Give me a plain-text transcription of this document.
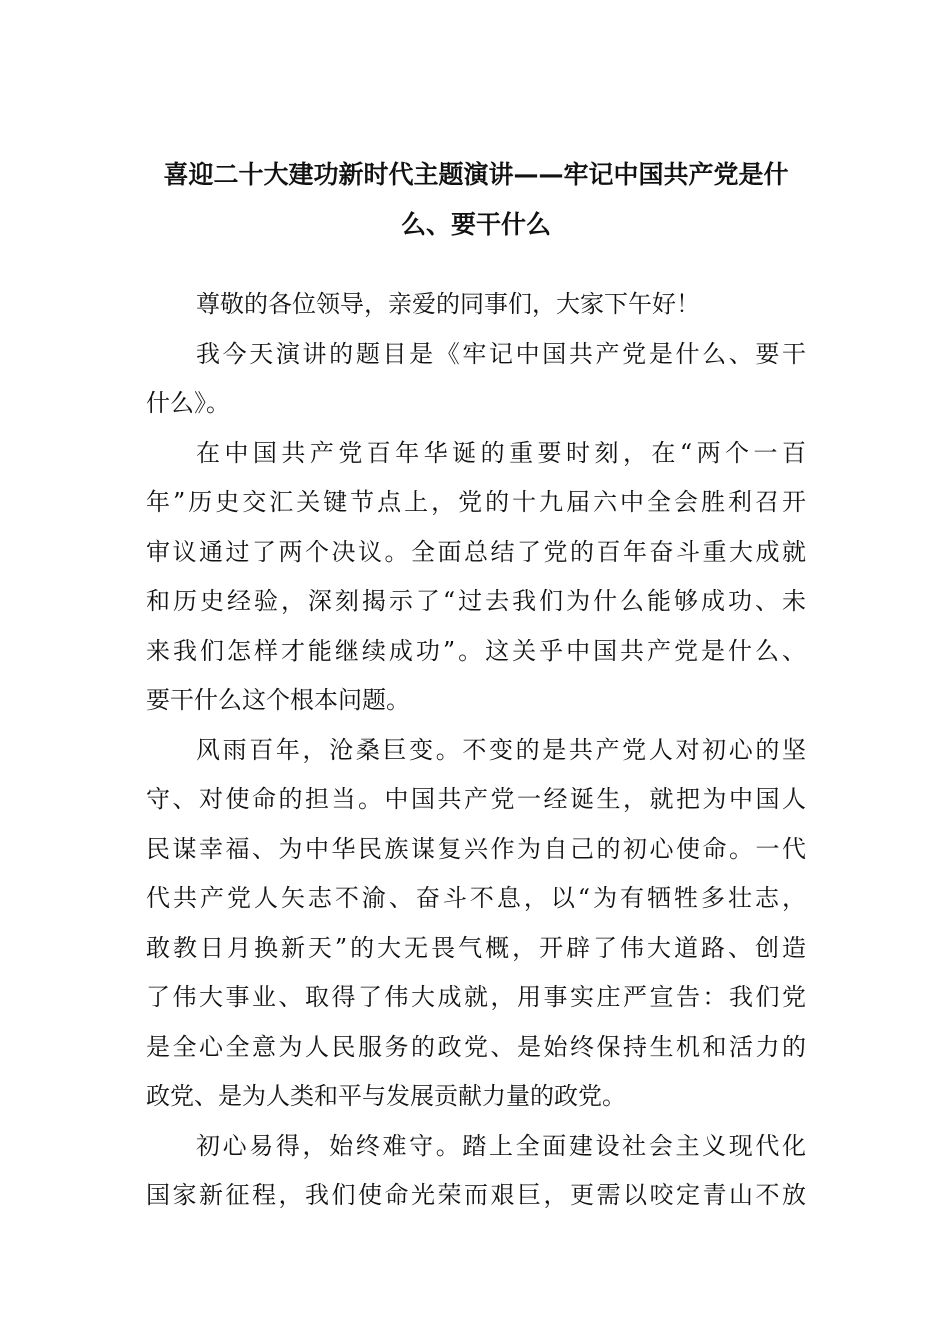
喜迎二十大建功新时代主题演讲——牢记中国共产党是什
么、要干什么

尊敬的各位领导，亲爱的同事们，大家下午好！

我今天演讲的题目是《牢记中国共产党是什么、要干
什么》。

在中国共产党百年华诞的重要时刻，在“两个一百
年”历史交汇关键节点上，党的十九届六中全会胜利召开
审议通过了两个决议。全面总结了党的百年奋斗重大成就
和历史经验，深刻揭示了“过去我们为什么能够成功、未
来我们怎样才能继续成功”。这关乎中国共产党是什么、
要干什么这个根本问题。

风雨百年，沧桑巨变。不变的是共产党人对初心的坚
守、对使命的担当。中国共产党一经诞生，就把为中国人
民谋幸福、为中华民族谋复兴作为自己的初心使命。一代
代共产党人矢志不渝、奋斗不息，以“为有牺牲多壮志，
敢教日月换新天”的大无畏气概，开辟了伟大道路、创造
了伟大事业、取得了伟大成就，用事实庄严宣告：我们党
是全心全意为人民服务的政党、是始终保持生机和活力的
政党、是为人类和平与发展贡献力量的政党。

初心易得，始终难守。踏上全面建设社会主义现代化
国家新征程，我们使命光荣而艰巨，更需以咬定青山不放
